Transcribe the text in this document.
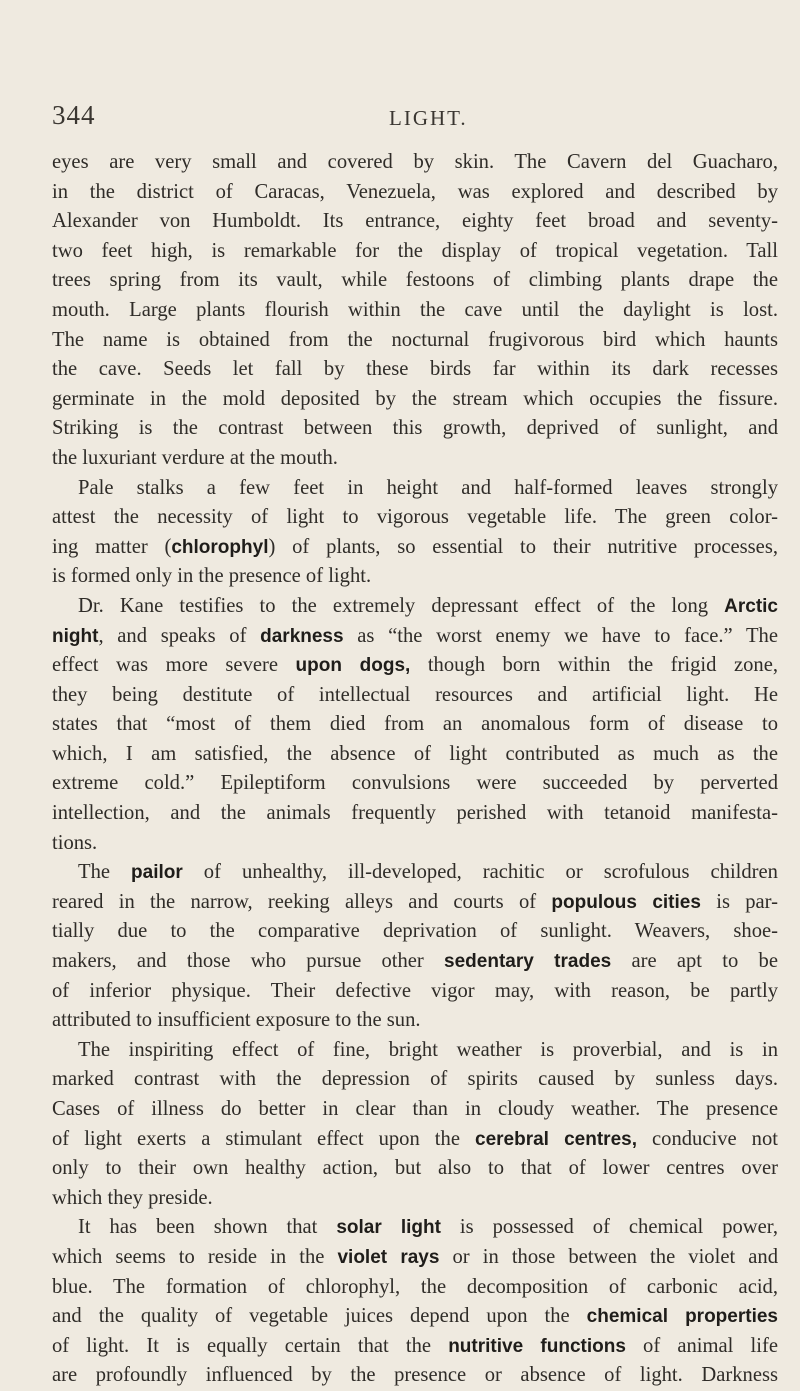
344	LIGHT.
eyes are very small and covered by skin. The Cavern del Guacharo,
in the district of Caracas, Venezuela, was explored and described by
Alexander von Humboldt. Its entrance, eighty feet broad and seventy-
two feet high, is remarkable for the display of tropical vegetation. Tall
trees spring from its vault, while festoons of climbing plants drape the
mouth. Large plants flourish within the cave until the daylight is lost.
The name is obtained from the nocturnal frugivorous bird which haunts
the cave. Seeds let fall by these birds far within its dark recesses
germinate in the mold deposited by the stream which occupies the fissure.
Striking is the contrast between this growth, deprived of sunlight, and
the luxuriant verdure at the mouth.
Pale stalks a few feet in height and half-formed leaves strongly
attest the necessity of light to vigorous vegetable life. The green color-
ing matter (chlorophyl) of plants, so essential to their nutritive processes,
is formed only in the presence of light.
Dr. Kane testifies to the extremely depressant effect of the long Arctic
night, and speaks of darkness as “the worst enemy we have to face.” The
effect was more severe upon dogs, though born within the frigid zone,
they being destitute of intellectual resources and artificial light. He
states that “most of them died from an anomalous form of disease to
which, I am satisfied, the absence of light contributed as much as the
extreme cold.” Epileptiform convulsions were succeeded by perverted
intellection, and the animals frequently perished with tetanoid manifesta-
tions.
The pailor of unhealthy, ill-developed, rachitic or scrofulous children
reared in the narrow, reeking alleys and courts of populous cities is par-
tially due to the comparative deprivation of sunlight. Weavers, shoe-
makers, and those who pursue other sedentary trades are apt to be
of inferior physique. Their defective vigor may, with reason, be partly
attributed to insufficient exposure to the sun.
The inspiriting effect of fine, bright weather is proverbial, and is in
marked contrast with the depression of spirits caused by sunless days.
Cases of illness do better in clear than in cloudy weather. The presence
of light exerts a stimulant effect upon the cerebral centres, conducive not
only to their own healthy action, but also to that of lower centres over
which they preside.
It has been shown that solar light is possessed of chemical power,
which seems to reside in the violet rays or in those between the violet and
blue. The formation of chlorophyl, the decomposition of carbonic acid,
and the quality of vegetable juices depend upon the chemical properties
of light. It is equally certain that the nutritive functions of animal life
are profoundly influenced by the presence or absence of light. Darkness
